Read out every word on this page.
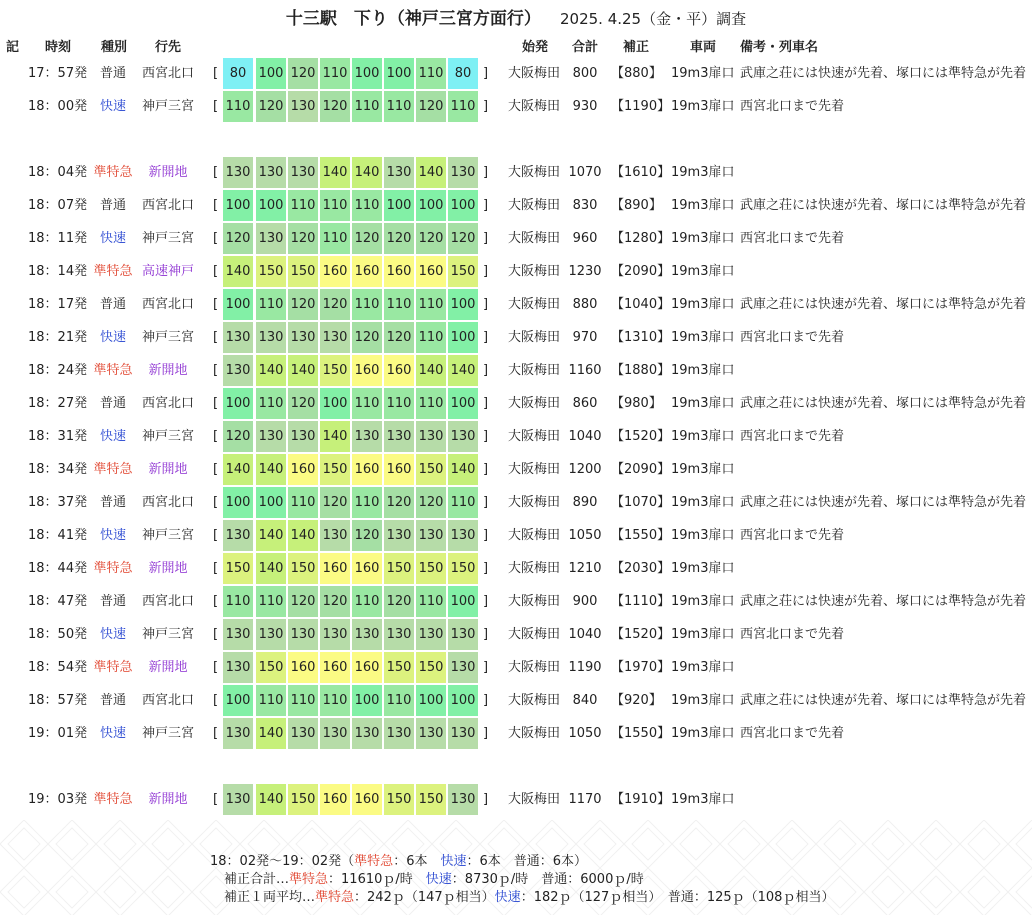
十三駅　下り（神戸三宮方面行） 2025. 4.25（金・平）調査
記 時刻 種別 行先	始発 合計 補正	車両 備考・列車名
17：57発 普通	西宮北口	[ 80 100 120 110 100 100 110 80 ] 大阪梅田 800	【880】 19m3扉口 武庫之荘には快速が先着、塚口には準特急が先着
18：00発 快速	神戸三宮	[ 110 120 130 120 110 110 120 110 ] 大阪梅田 930	【1190】 19m3扉口 西宮北口まで先着
18：04発 準特急	新開地	[ 130 130 130 140 140 130 140 130 ] 大阪梅田 1070 【1610】 19m3扉口
18：07発 普通	西宮北口	[ 100 100 110 110 110 100 100 100 ] 大阪梅田 830	【890】 19m3扉口 武庫之荘には快速が先着、塚口には準特急が先着
18：11発 快速	神戸三宮	[ 120 130 120 110 120 120 120 120 ] 大阪梅田 960	【1280】 19m3扉口 西宮北口まで先着
18：14発 準特急 高速神戸	[ 140 150 150 160 160 160 160 150 ] 大阪梅田 1230 【2090】 19m3扉口
18：17発 普通	西宮北口	[ 100 110 120 120 110 110 110 100 ] 大阪梅田 880	【1040】 19m3扉口 武庫之荘には快速が先着、塚口には準特急が先着
18：21発 快速	神戸三宮	[ 130 130 130 130 120 120 110 100 ] 大阪梅田 970	【1310】 19m3扉口 西宮北口まで先着
18：24発 準特急	新開地	[ 130 140 140 150 160 160 140 140 ] 大阪梅田 1160 【1880】 19m3扉口
18：27発 普通	西宮北口	[ 100 110 120 100 110 110 110 100 ] 大阪梅田 860	【980】 19m3扉口 武庫之荘には快速が先着、塚口には準特急が先着
18：31発 快速	神戸三宮	[ 120 130 130 140 130 130 130 130 ] 大阪梅田 1040 【1520】 19m3扉口 西宮北口まで先着
18：34発 準特急	新開地	[ 140 140 160 150 160 160 150 140 ] 大阪梅田 1200 【2090】 19m3扉口
18：37発 普通	西宮北口	[ 100 100 110 120 110 120 120 110 ] 大阪梅田 890	【1070】 19m3扉口 武庫之荘には快速が先着、塚口には準特急が先着
18：41発 快速	神戸三宮	[ 130 140 140 130 120 130 130 130 ] 大阪梅田 1050 【1550】 19m3扉口 西宮北口まで先着
18：44発 準特急	新開地	[ 150 140 150 160 160 150 150 150 ] 大阪梅田 1210 【2030】 19m3扉口
18：47発 普通	西宮北口	[ 110 110 120 120 110 120 110 100 ] 大阪梅田 900	【1110】 19m3扉口 武庫之荘には快速が先着、塚口には準特急が先着
18：50発 快速	神戸三宮	[ 130 130 130 130 130 130 130 130 ] 大阪梅田 1040 【1520】 19m3扉口 西宮北口まで先着
18：54発 準特急	新開地	[ 130 150 160 160 160 150 150 130 ] 大阪梅田 1190 【1970】 19m3扉口
18：57発 普通	西宮北口	[ 100 110 110 110 100 110 100 100 ] 大阪梅田 840	【920】 19m3扉口 武庫之荘には快速が先着、塚口には準特急が先着
19：01発 快速	神戸三宮	[ 130 140 130 130 130 130 130 130 ] 大阪梅田 1050 【1550】 19m3扉口 西宮北口まで先着
19：03発 準特急	新開地	[ 130 140 150 160 160 150 150 130 ] 大阪梅田 1170 【1910】 19m3扉口
18：02発〜19：02発（準特急：6本　快速：6本　普通：6本）
補正合計…準特急：11610ｐ/時　快速：8730ｐ/時　普通：6000ｐ/時
補正１両平均…準特急：242ｐ（147ｐ相当）快速：182ｐ（127ｐ相当）　普通：125ｐ（108ｐ相当）
